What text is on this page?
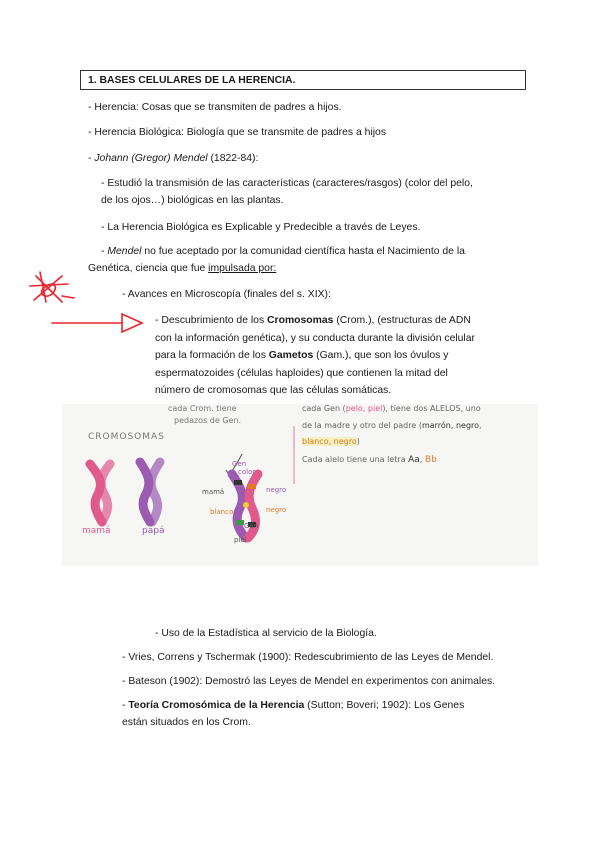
1. BASES CELULARES DE LA HERENCIA.
- Herencia: Cosas que se transmiten de padres a hijos.
- Herencia Biológica: Biología que se transmite de padres a hijos
- Johann (Gregor) Mendel (1822-84):
- Estudió la transmisión de las características (caracteres/rasgos) (color del pelo,
de los ojos…) biológicas en las plantas.
- La Herencia Biológica es Explicable y Predecible a través de Leyes.
- Mendel no fue aceptado por la comunidad científica hasta el Nacimiento de la
Genética, ciencia que fue impulsada por:
- Avances en Microscopía (finales del s. XIX):
- Descubrimiento de los Cromosomas (Crom.), (estructuras de ADN
con la información genética), y su conducta durante la división celular
para la formación de los Gametos (Gam.), que son los óvulos y
espermatozoides (células haploides) que contienen la mitad del
número de cromosomas que las células somáticas.
CROMOSOMAS
mamá	papá
cada Crom. tiene
pedazos de Gen.
Gen
color
mamá	negro
blanco	negro
Gen
piel
cada Gen (pelo, piel), tiene dos ALELOS, uno
de la madre y otro del padre (marrón, negro,
blanco, negro)
Cada alelo tiene una letra Aa, Bb
- Uso de la Estadística al servicio de la Biología.
- Vries, Correns y Tschermak (1900): Redescubrimiento de las Leyes de Mendel.
- Bateson (1902): Demostró las Leyes de Mendel en experimentos con animales.
- Teoría Cromosómica de la Herencia (Sutton; Boveri; 1902): Los Genes
están situados en los Crom.
